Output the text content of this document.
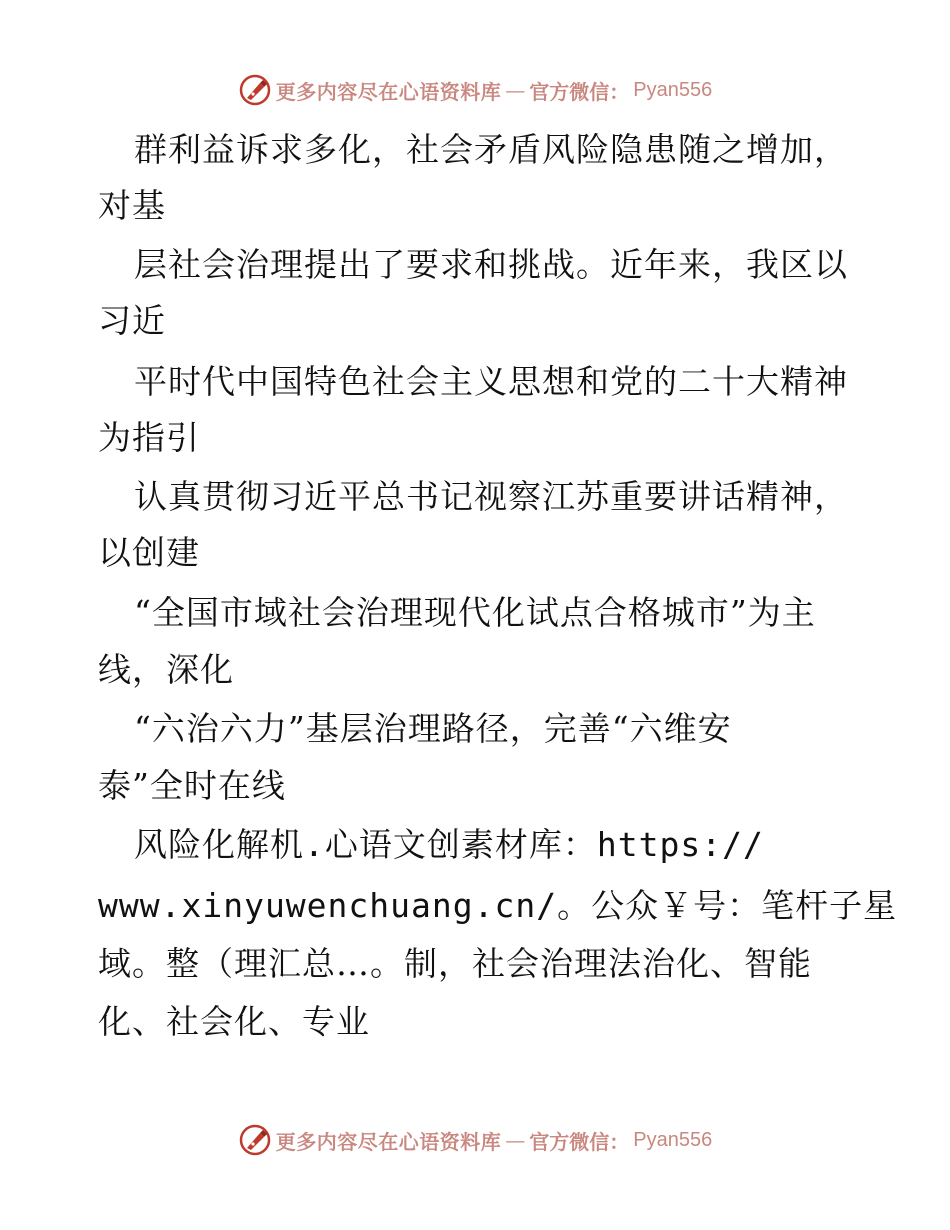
更多内容尽在心语资料库 — 官方微信： Pyan556
群利益诉求多化，社会矛盾风险隐患随之增加，
对基
层社会治理提出了要求和挑战。近年来，我区以
习近
平时代中国特色社会主义思想和党的二十大精神
为指引
认真贯彻习近平总书记视察江苏重要讲话精神，
以创建
“全国市域社会治理现代化试点合格城市”为主
线，深化
“六治六力”基层治理路径，完善“六维安
泰”全时在线
风险化解机.心语文创素材库：https://
www.xinyuwenchuang.cn/。公众￥号：笔杆子星
域。整（理汇总…。制，社会治理法治化、智能
化、社会化、专业
更多内容尽在心语资料库 — 官方微信： Pyan556
